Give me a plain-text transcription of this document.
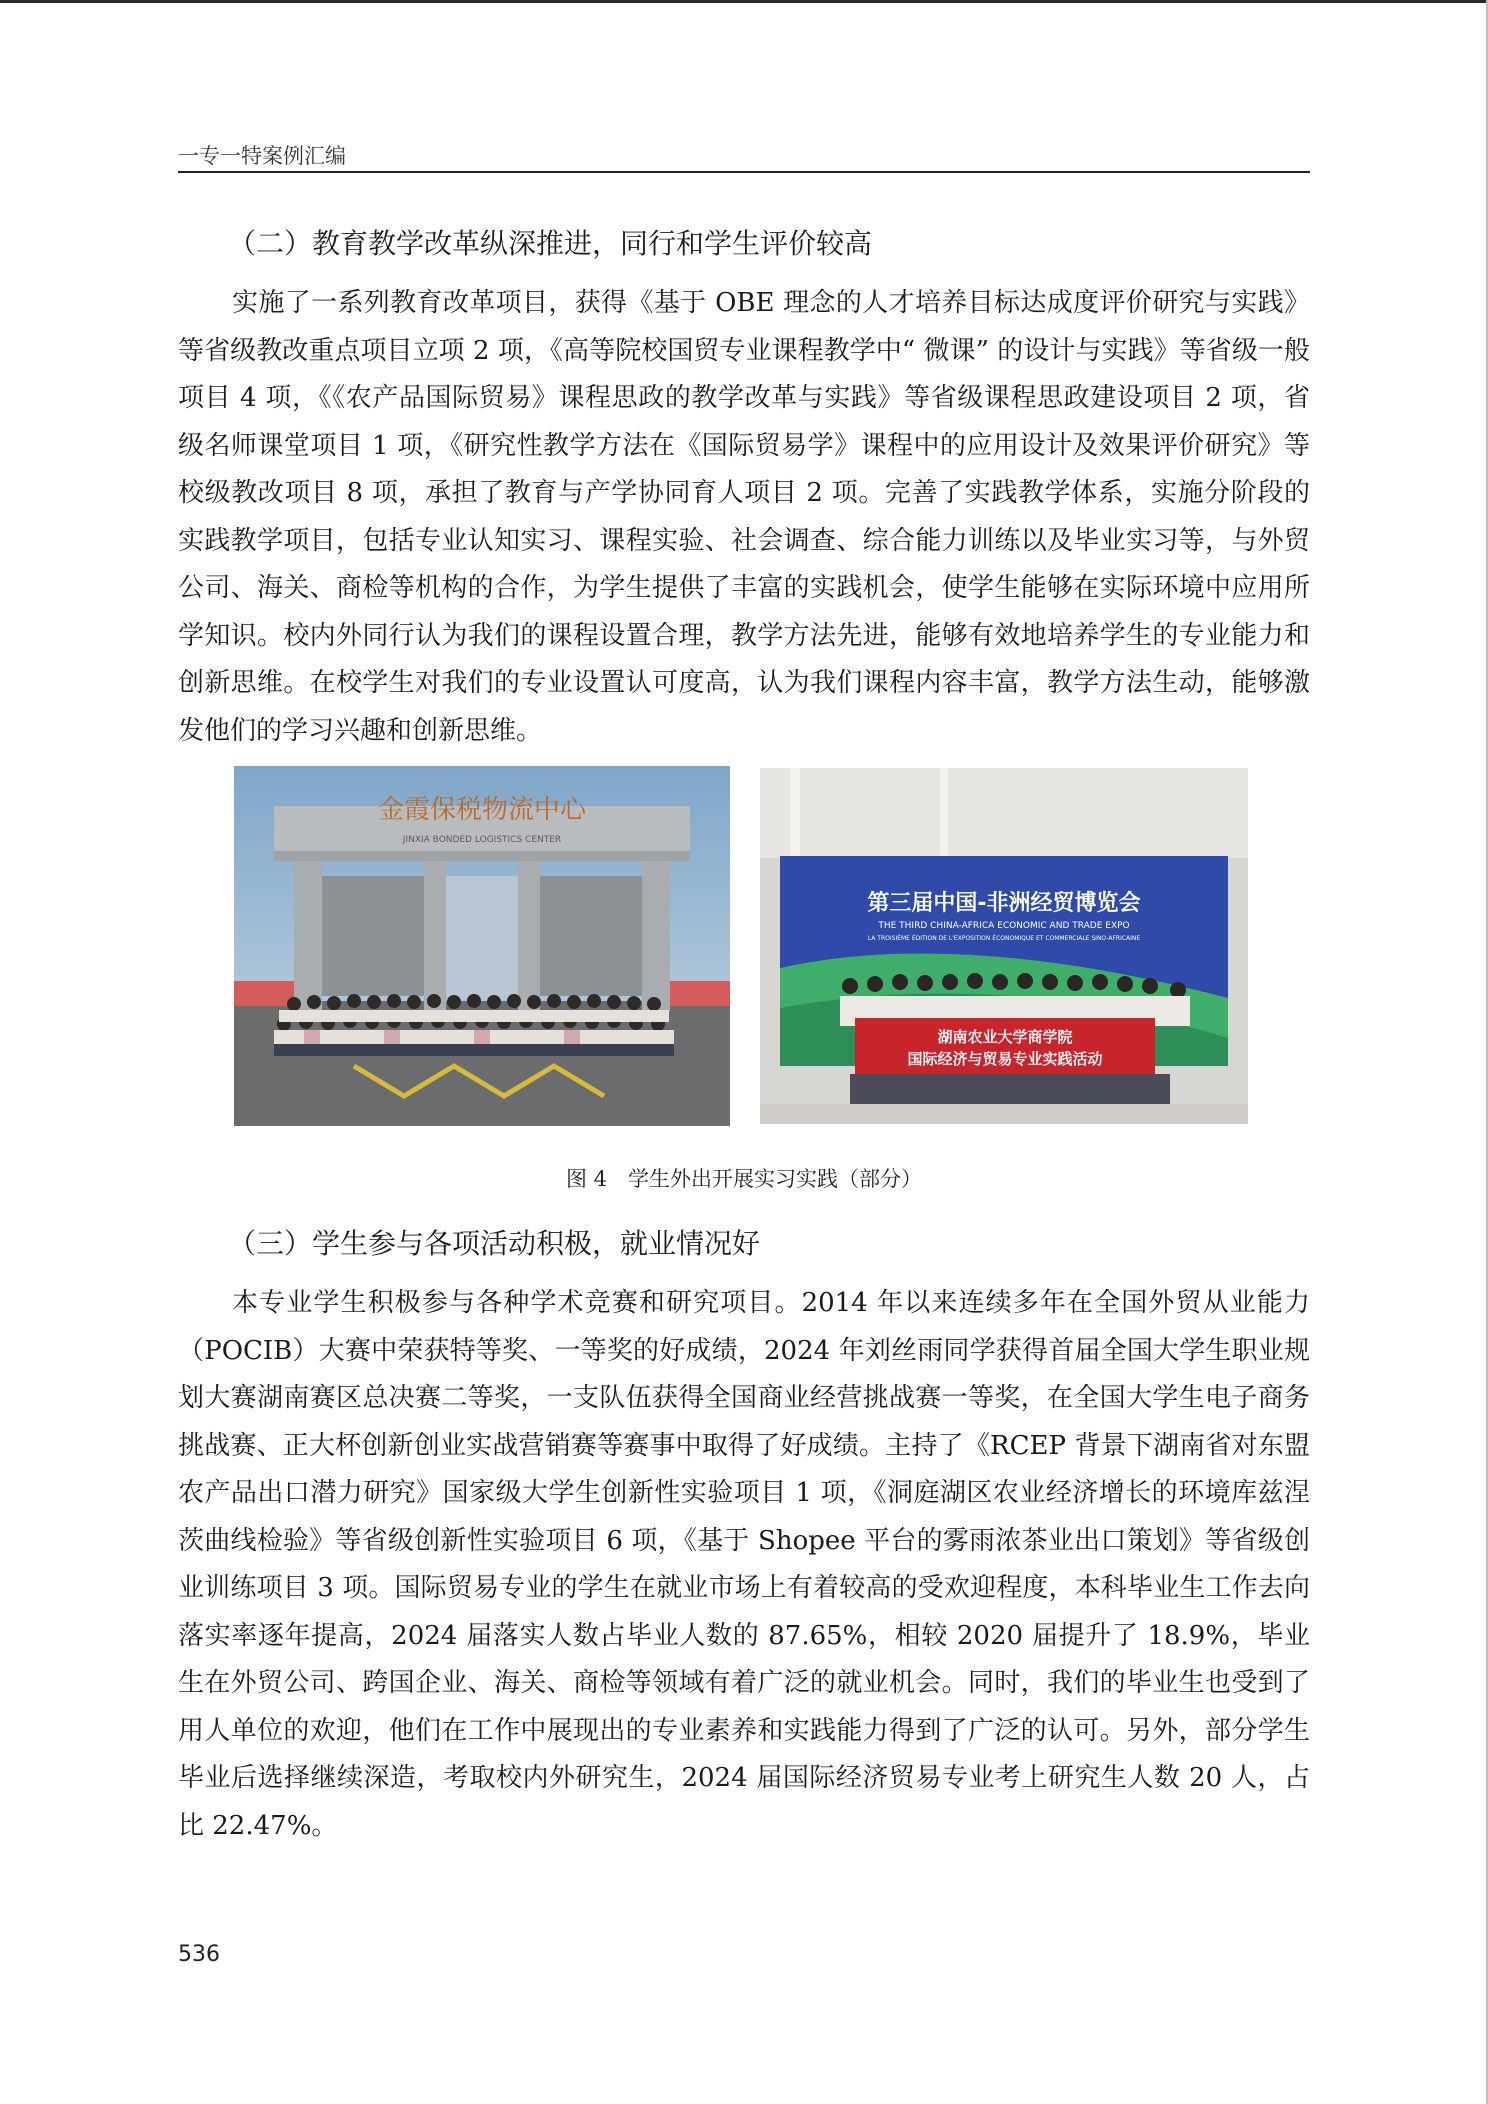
一专一特案例汇编
（二）教育教学改革纵深推进，同行和学生评价较高

实施了一系列教育改革项目，获得《基于 OBE 理念的人才培养目标达成度评价研究与实践》等省级教改重点项目立项 2 项，《高等院校国贸专业课程教学中“ 微课” 的设计与实践》等省级一般项目 4 项，《《农产品国际贸易》课程思政的教学改革与实践》等省级课程思政建设项目 2 项，省级名师课堂项目 1 项，《研究性教学方法在《国际贸易学》课程中的应用设计及效果评价研究》等校级教改项目 8 项，承担了教育与产学协同育人项目 2 项。完善了实践教学体系，实施分阶段的实践教学项目，包括专业认知实习、课程实验、社会调查、综合能力训练以及毕业实习等，与外贸公司、海关、商检等机构的合作，为学生提供了丰富的实践机会，使学生能够在实际环境中应用所学知识。校内外同行认为我们的课程设置合理，教学方法先进，能够有效地培养学生的专业能力和创新思维。在校学生对我们的专业设置认可度高，认为我们课程内容丰富，教学方法生动，能够激发他们的学习兴趣和创新思维。

金霞保税物流中心
JINXIA BONDED LOGISTICS CENTER
第三届中国-非洲经贸博览会
THE THIRD CHINA-AFRICA ECONOMIC AND TRADE EXPO
LA TROISIÈME ÉDITION DE L'EXPOSITION ÉCONOMIQUE ET COMMERCIALE SINO-AFRICAINE
湖南农业大学商学院
国际经济与贸易专业实践活动
图 4　学生外出开展实习实践（部分）
（三）学生参与各项活动积极，就业情况好

本专业学生积极参与各种学术竞赛和研究项目。2014 年以来连续多年在全国外贸从业能力（POCIB）大赛中荣获特等奖、一等奖的好成绩，2024 年刘丝雨同学获得首届全国大学生职业规划大赛湖南赛区总决赛二等奖，一支队伍获得全国商业经营挑战赛一等奖，在全国大学生电子商务挑战赛、正大杯创新创业实战营销赛等赛事中取得了好成绩。主持了《RCEP 背景下湖南省对东盟农产品出口潜力研究》国家级大学生创新性实验项目 1 项，《洞庭湖区农业经济增长的环境库兹涅茨曲线检验》等省级创新性实验项目 6 项，《基于 Shopee 平台的雾雨浓茶业出口策划》等省级创业训练项目 3 项。国际贸易专业的学生在就业市场上有着较高的受欢迎程度，本科毕业生工作去向落实率逐年提高，2024 届落实人数占毕业人数的 87.65%，相较 2020 届提升了 18.9%，毕业生在外贸公司、跨国企业、海关、商检等领域有着广泛的就业机会。同时，我们的毕业生也受到了用人单位的欢迎，他们在工作中展现出的专业素养和实践能力得到了广泛的认可。另外，部分学生毕业后选择继续深造，考取校内外研究生，2024 届国际经济贸易专业考上研究生人数 20 人，占比 22.47%。

536
